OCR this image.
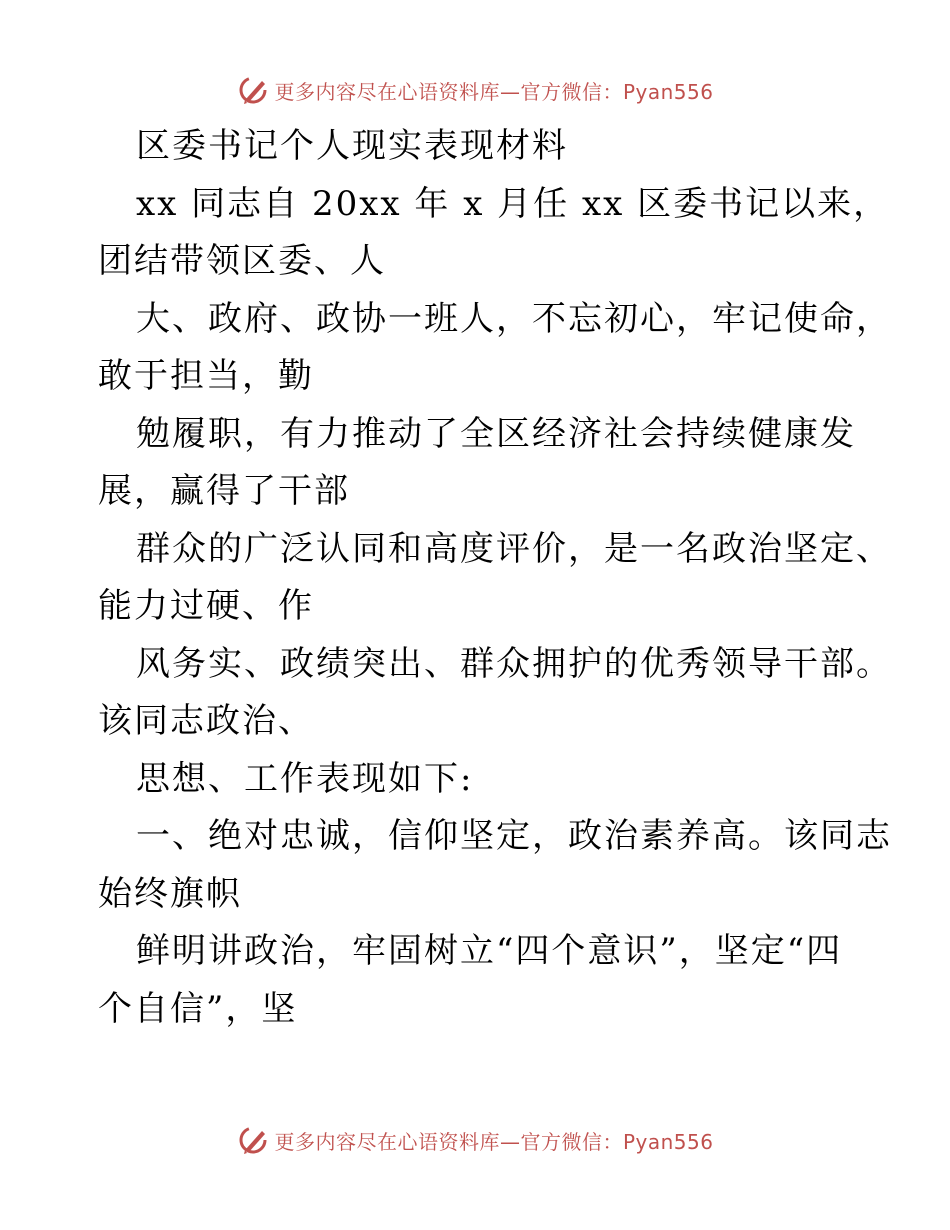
更多内容尽在心语资料库—官方微信：Pyan556
区委书记个人现实表现材料
xx 同志自 20xx 年 x 月任 xx 区委书记以来，
团结带领区委、人
大、政府、政协一班人，不忘初心，牢记使命，
敢于担当，勤
勉履职，有力推动了全区经济社会持续健康发
展，赢得了干部
群众的广泛认同和高度评价，是一名政治坚定、
能力过硬、作
风务实、政绩突出、群众拥护的优秀领导干部。
该同志政治、
思想、工作表现如下:
一、绝对忠诚，信仰坚定，政治素养高。该同志
始终旗帜
鲜明讲政治，牢固树立“四个意识”，坚定“四
个自信”，坚
更多内容尽在心语资料库—官方微信：Pyan556
